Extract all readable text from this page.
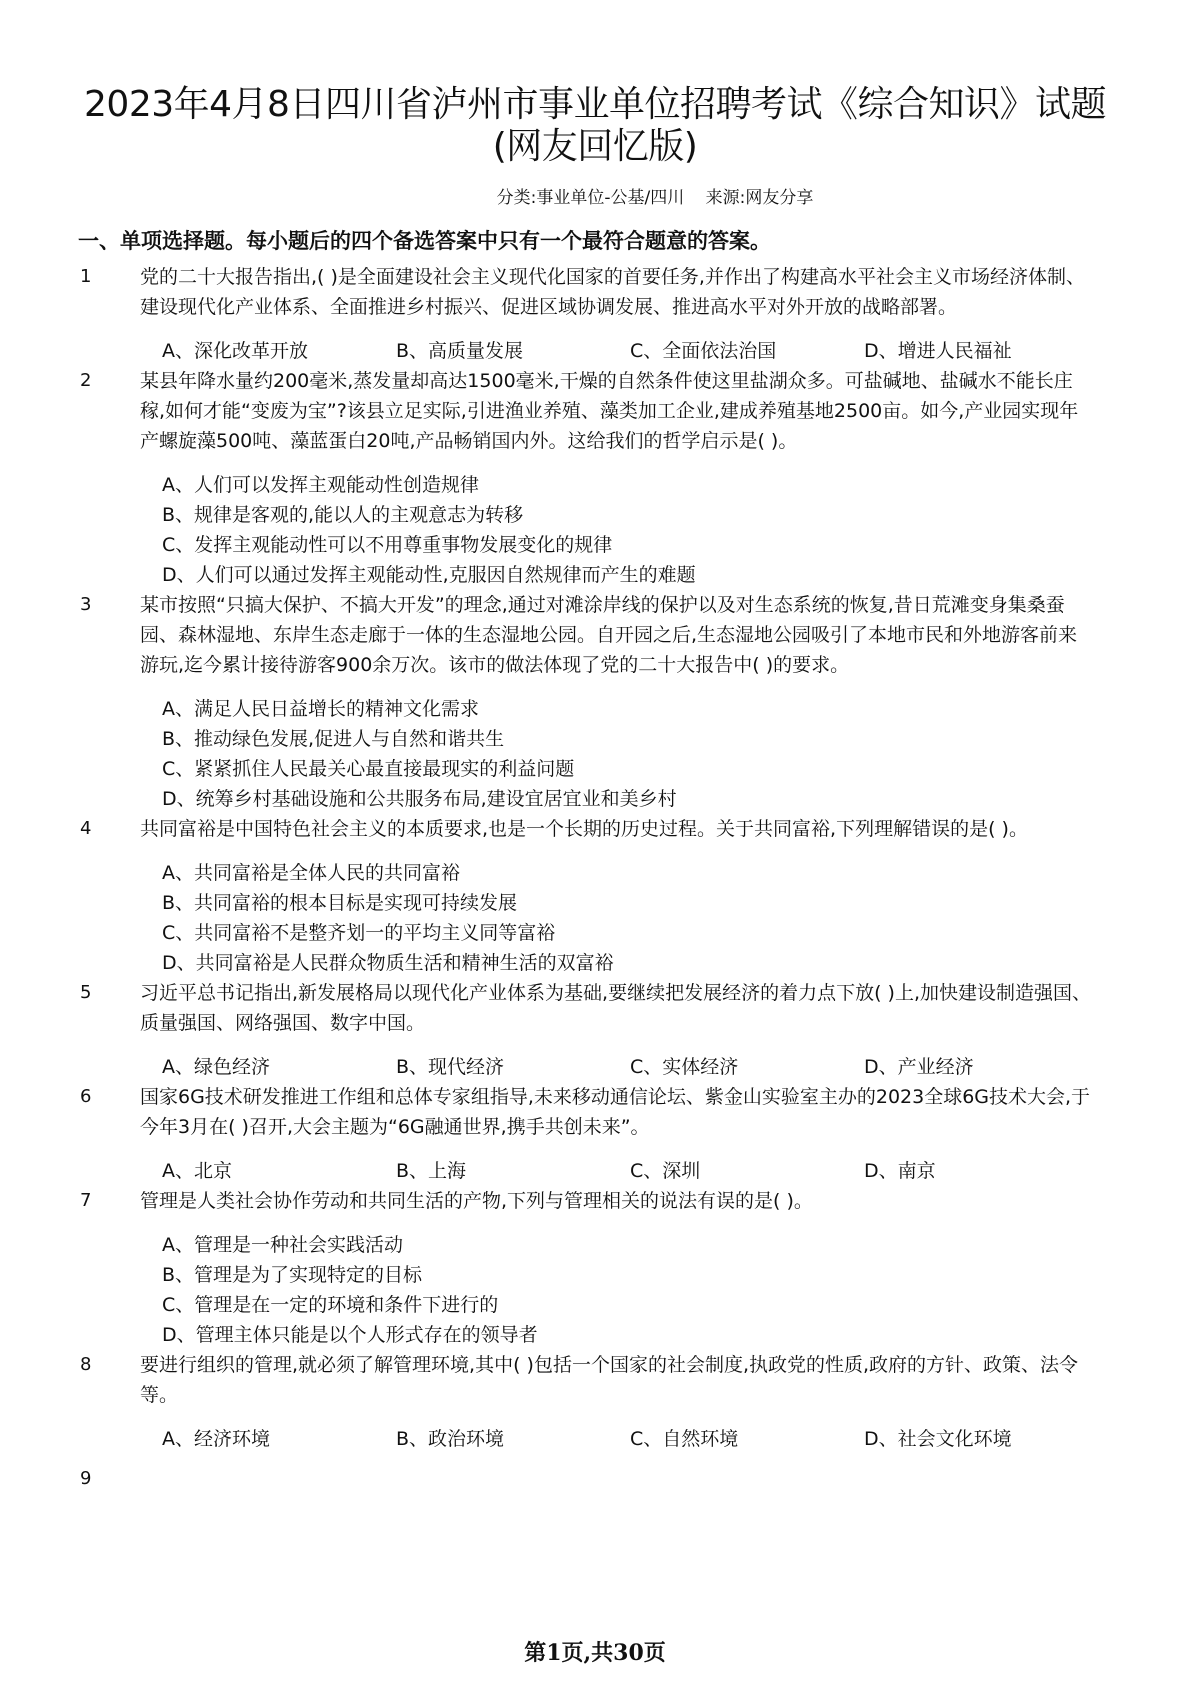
2023年4月8日四川省泸州市事业单位招聘考试《综合知识》试题
(网友回忆版)
分类:事业单位-公基/四川 来源:网友分享
一、单项选择题。每小题后的四个备选答案中只有一个最符合题意的答案。
1	党的二十大报告指出,( )是全面建设社会主义现代化国家的首要任务,并作出了构建高水平社会主义市场经济体制、建设现代化产业体系、全面推进乡村振兴、促进区域协调发展、推进高水平对外开放的战略部署。
A、深化改革开放	B、高质量发展	C、全面依法治国	D、增进人民福祉
2	某县年降水量约200毫米,蒸发量却高达1500毫米,干燥的自然条件使这里盐湖众多。可盐碱地、盐碱水不能长庄稼,如何才能“变废为宝”?该县立足实际,引进渔业养殖、藻类加工企业,建成养殖基地2500亩。如今,产业园实现年产螺旋藻500吨、藻蓝蛋白20吨,产品畅销国内外。这给我们的哲学启示是( )。
A、人们可以发挥主观能动性创造规律
B、规律是客观的,能以人的主观意志为转移
C、发挥主观能动性可以不用尊重事物发展变化的规律
D、人们可以通过发挥主观能动性,克服因自然规律而产生的难题
3	某市按照“只搞大保护、不搞大开发”的理念,通过对滩涂岸线的保护以及对生态系统的恢复,昔日荒滩变身集桑蚕园、森林湿地、东岸生态走廊于一体的生态湿地公园。自开园之后,生态湿地公园吸引了本地市民和外地游客前来游玩,迄今累计接待游客900余万次。该市的做法体现了党的二十大报告中( )的要求。
A、满足人民日益增长的精神文化需求
B、推动绿色发展,促进人与自然和谐共生
C、紧紧抓住人民最关心最直接最现实的利益问题
D、统筹乡村基础设施和公共服务布局,建设宜居宜业和美乡村
4	共同富裕是中国特色社会主义的本质要求,也是一个长期的历史过程。关于共同富裕,下列理解错误的是( )。
A、共同富裕是全体人民的共同富裕
B、共同富裕的根本目标是实现可持续发展
C、共同富裕不是整齐划一的平均主义同等富裕
D、共同富裕是人民群众物质生活和精神生活的双富裕
5	习近平总书记指出,新发展格局以现代化产业体系为基础,要继续把发展经济的着力点下放( )上,加快建设制造强国、质量强国、网络强国、数字中国。
A、绿色经济	B、现代经济	C、实体经济	D、产业经济
6	国家6G技术研发推进工作组和总体专家组指导,未来移动通信论坛、紫金山实验室主办的2023全球6G技术大会,于今年3月在( )召开,大会主题为“6G融通世界,携手共创未来”。
A、北京	B、上海	C、深圳	D、南京
7	管理是人类社会协作劳动和共同生活的产物,下列与管理相关的说法有误的是( )。
A、管理是一种社会实践活动
B、管理是为了实现特定的目标
C、管理是在一定的环境和条件下进行的
D、管理主体只能是以个人形式存在的领导者
8	要进行组织的管理,就必须了解管理环境,其中( )包括一个国家的社会制度,执政党的性质,政府的方针、政策、法令等。
A、经济环境	B、政治环境	C、自然环境	D、社会文化环境
9
第1页,共30页
